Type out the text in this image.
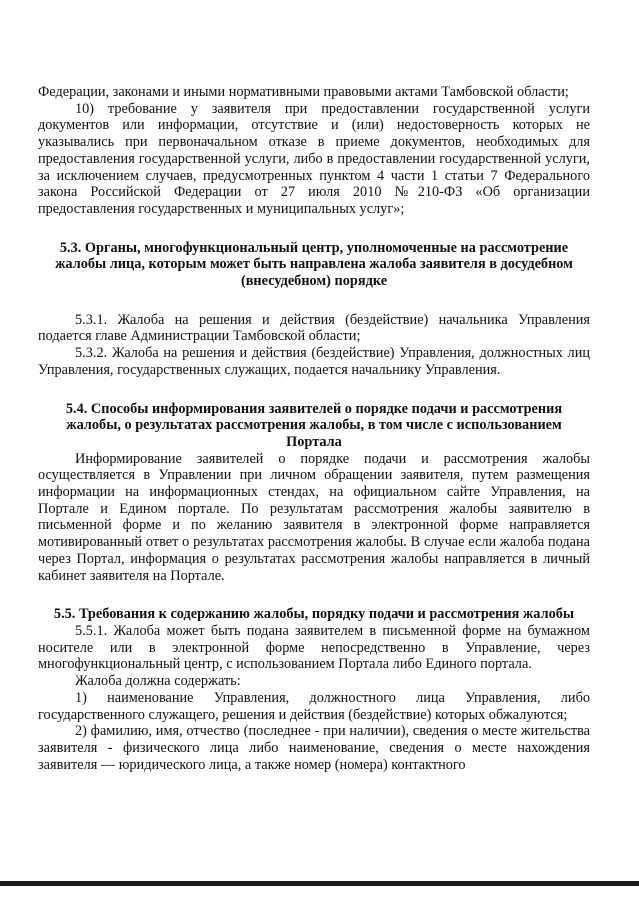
Федерации, законами и иными нормативными правовыми актами Тамбовской области;

10) требование у заявителя при предоставлении государственной услуги документов или информации, отсутствие и (или) недостоверность которых не указывались при первоначальном отказе в приеме документов, необходимых для предоставления государственной услуги, либо в предоставлении государственной услуги, за исключением случаев, предусмотренных пунктом 4 части 1 статьи 7 Федерального закона Российской Федерации от 27 июля 2010 №210-ФЗ «Об организации предоставления государственных и муниципальных услуг»;

5.3. Органы, многофункциональный центр, уполномоченные на рассмотрение жалобы лица, которым может быть направлена жалоба заявителя в досудебном (внесудебном) порядке

5.3.1. Жалоба на решения и действия (бездействие) начальника Управления подается главе Администрации Тамбовской области;

5.3.2. Жалоба на решения и действия (бездействие) Управления, должностных лиц Управления, государственных служащих, подается начальнику Управления.

5.4. Способы информирования заявителей о порядке подачи и рассмотрения жалобы, о результатах рассмотрения жалобы, в том числе с использованием Портала

Информирование заявителей о порядке подачи и рассмотрения жалобы осуществляется в Управлении при личном обращении заявителя, путем размещения информации на информационных стендах, на официальном сайте Управления, на Портале и Едином портале. По результатам рассмотрения жалобы заявителю в письменной форме и по желанию заявителя в электронной форме направляется мотивированный ответ о результатах рассмотрения жалобы. В случае если жалоба подана через Портал, информация о результатах рассмотрения жалобы направляется в личный кабинет заявителя на Портале.

5.5. Требования к содержанию жалобы, порядку подачи и рассмотрения жалобы

5.5.1. Жалоба может быть подана заявителем в письменной форме на бумажном носителе или в электронной форме непосредственно в Управление, через многофункциональный центр, с использованием Портала либо Единого портала.

Жалоба должна содержать:

1) наименование Управления, должностного лица Управления, либо государственного служащего, решения и действия (бездействие) которых обжалуются;

2) фамилию, имя, отчество (последнее - при наличии), сведения о месте жительства заявителя - физического лица либо наименование, сведения о месте нахождения заявителя — юридического лица, а также номер (номера) контактного
